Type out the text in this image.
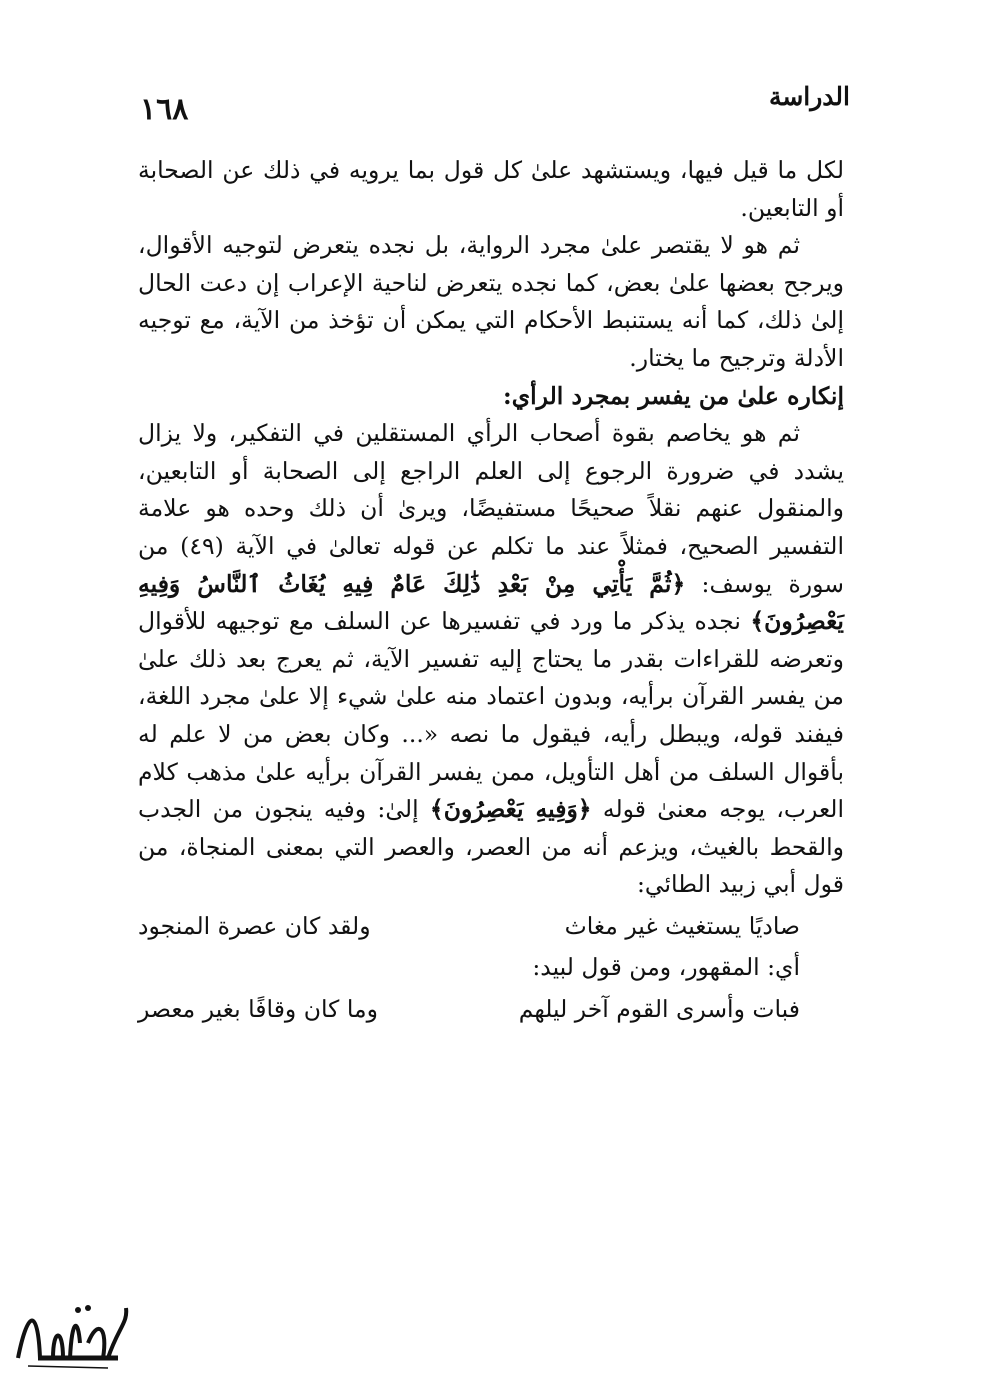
الدراسة
١٦٨

لكل ما قيل فيها، ويستشهد علىٰ كل قول بما يرويه في ذلك عن الصحابة أو التابعين.

ثم هو لا يقتصر علىٰ مجرد الرواية، بل نجده يتعرض لتوجيه الأقوال، ويرجح بعضها علىٰ بعض، كما نجده يتعرض لناحية الإعراب إن دعت الحال إلىٰ ذلك، كما أنه يستنبط الأحكام التي يمكن أن تؤخذ من الآية، مع توجيه الأدلة وترجيح ما يختار.

إنكاره علىٰ من يفسر بمجرد الرأي:

ثم هو يخاصم بقوة أصحاب الرأي المستقلين في التفكير، ولا يزال يشدد في ضرورة الرجوع إلى العلم الراجع إلى الصحابة أو التابعين، والمنقول عنهم نقلاً صحيحًا مستفيضًا، ويرىٰ أن ذلك وحده هو علامة التفسير الصحيح، فمثلاً عند ما تكلم عن قوله تعالىٰ في الآية (٤٩) من سورة يوسف: ﴿ثُمَّ يَأْتِي مِنْ بَعْدِ ذَٰلِكَ عَامٌ فِيهِ يُغَاثُ ٱلنَّاسُ وَفِيهِ يَعْصِرُونَ﴾ نجده يذكر ما ورد في تفسيرها عن السلف مع توجيهه للأقوال وتعرضه للقراءات بقدر ما يحتاج إليه تفسير الآية، ثم يعرج بعد ذلك علىٰ من يفسر القرآن برأيه، وبدون اعتماد منه علىٰ شيء إلا علىٰ مجرد اللغة، فيفند قوله، ويبطل رأيه، فيقول ما نصه «... وكان بعض من لا علم له بأقوال السلف من أهل التأويل، ممن يفسر القرآن برأيه علىٰ مذهب كلام العرب، يوجه معنىٰ قوله ﴿وَفِيهِ يَعْصِرُونَ﴾ إلىٰ: وفيه ينجون من الجدب والقحط بالغيث، ويزعم أنه من العصر، والعصر التي بمعنى المنجاة، من قول أبي زبيد الطائي:

صاديًا يستغيث غير مغاث
ولقد كان عصرة المنجود

أي: المقهور، ومن قول لبيد:

فبات وأسرى القوم آخر ليلهم
وما كان وقافًا بغير معصر
